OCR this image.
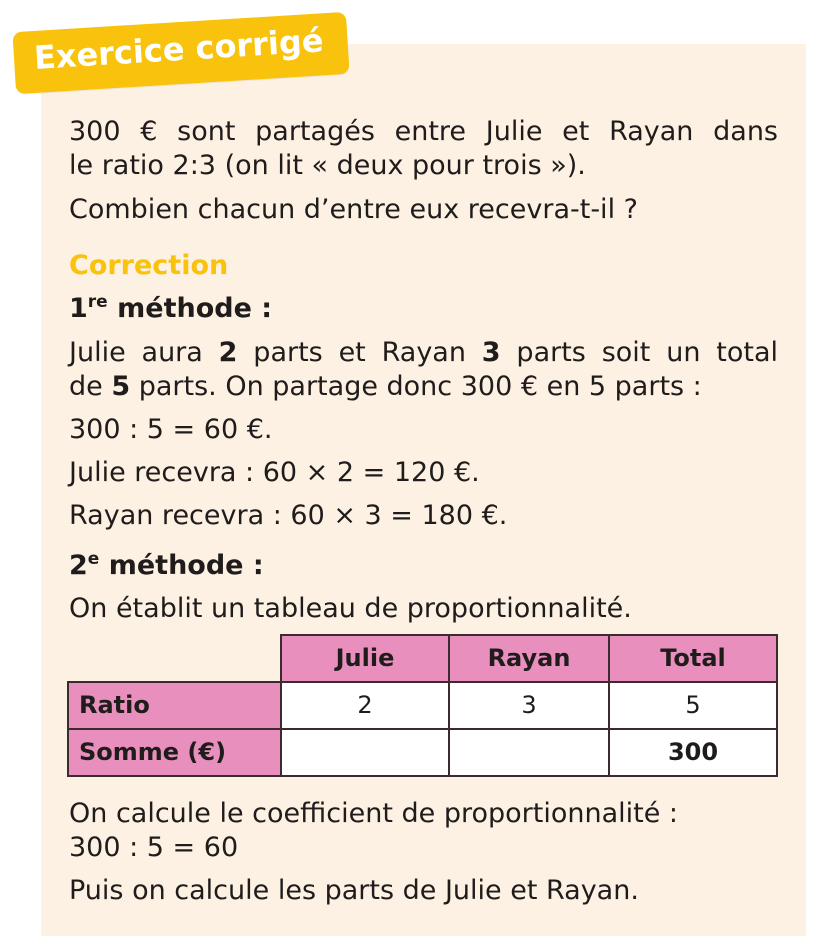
Exercice corrigé
300 € sont partagés entre Julie et Rayan dans
le ratio 2:3 (on lit « deux pour trois »).
Combien chacun d’entre eux recevra-t-il ?
Correction
1re méthode :
Julie aura 2 parts et Rayan 3 parts soit un total
de 5 parts. On partage donc 300 € en 5 parts :
300 : 5 = 60 €.
Julie recevra : 60 × 2 = 120 €.
Rayan recevra : 60 × 3 = 180 €.
2e méthode :
On établit un tableau de proportionnalité.
	Julie	Rayan	Total
Ratio	2	3	5
Somme (€)			300
On calcule le coefficient de proportionnalité :
300 : 5 = 60
Puis on calcule les parts de Julie et Rayan.
